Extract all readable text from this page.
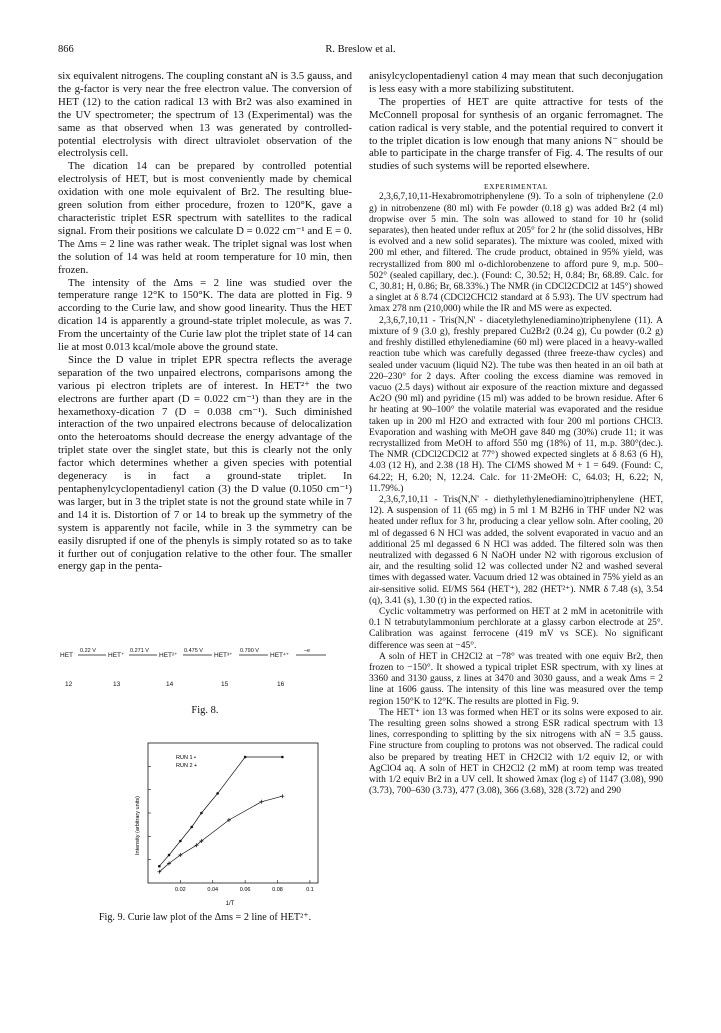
866	R. Breslow et al.

six equivalent nitrogens. The coupling constant aN is 3.5 gauss, and the g-factor is very near the free electron value. The conversion of HET (12) to the cation radical 13 with Br2 was also examined in the UV spectrometer; the spectrum of 13 (Experimental) was the same as that observed when 13 was generated by controlled-potential electrolysis with direct ultraviolet observation of the electrolysis cell.

The dication 14 can be prepared by controlled potential electrolysis of HET, but is most conveniently made by chemical oxidation with one mole equivalent of Br2. The resulting blue-green solution from either procedure, frozen to 120°K, gave a characteristic triplet ESR spectrum with satellites to the radical signal. From their positions we calculate D = 0.022 cm⁻¹ and E = 0. The Δms = 2 line was rather weak. The triplet signal was lost when the solution of 14 was held at room temperature for 10 min, then frozen.

The intensity of the Δms = 2 line was studied over the temperature range 12°K to 150°K. The data are plotted in Fig. 9 according to the Curie law, and show good linearity. Thus the HET dication 14 is apparently a ground-state triplet molecule, as was 7. From the uncertainty of the Curie law plot the triplet state of 14 can lie at most 0.013 kcal/mole above the ground state.

Since the D value in triplet EPR spectra reflects the average separation of the two unpaired electrons, comparisons among the various pi electron triplets are of interest. In HET²⁺ the two electrons are further apart (D = 0.022 cm⁻¹) than they are in the hexamethoxy-dication 7 (D = 0.038 cm⁻¹). Such diminished interaction of the two unpaired electrons because of delocalization onto the heteroatoms should decrease the energy advantage of the triplet state over the singlet state, but this is clearly not the only factor which determines whether a given species with potential degeneracy is in fact a ground-state triplet. In pentaphenylcyclopentadienyl cation (3) the D value (0.1050 cm⁻¹) was larger, but in 3 the triplet state is not the ground state while in 7 and 14 it is. Distortion of 7 or 14 to break up the symmetry of the system is apparently not facile, while in 3 the symmetry can be easily disrupted if one of the phenyls is simply rotated so as to take it further out of conjugation relative to the other four. The smaller energy gap in the penta-

HET
0.22 V
HET⁺
0.271 V
HET²⁺
0.475 V
HET³⁺
0.790 V
HET⁴⁺
–e
12	13	14	15	16
Fig. 8.
0.02	0.04	0.06	0.08	0.1
RUN 1 •
RUN 2 +
Intensity (arbitrary units)
1/T
Fig. 9. Curie law plot of the Δms = 2 line of HET²⁺.

anisylcyclopentadienyl cation 4 may mean that such deconjugation is less easy with a more stabilizing substitutent.

The properties of HET are quite attractive for tests of the McConnell proposal for synthesis of an organic ferromagnet. The cation radical is very stable, and the potential required to convert it to the triplet dication is low enough that many anions N⁻ should be able to participate in the charge transfer of Fig. 4. The results of our studies of such systems will be reported elsewhere.

EXPERIMENTAL

2,3,6,7,10,11-Hexabromotriphenylene (9). To a soln of triphenylene (2.0 g) in nitrobenzene (80 ml) with Fe powder (0.18 g) was added Br2 (4 ml) dropwise over 5 min. The soln was allowed to stand for 10 hr (solid separates), then heated under reflux at 205° for 2 hr (the solid dissolves, HBr is evolved and a new solid separates). The mixture was cooled, mixed with 200 ml ether, and filtered. The crude product, obtained in 95% yield, was recrystallized from 800 ml o-dichlorobenzene to afford pure 9, m.p. 500–502° (sealed capillary, dec.). (Found: C, 30.52; H, 0.84; Br, 68.89. Calc. for C, 30.81; H, 0.86; Br, 68.33%.) The NMR (in CDCl2CDCl2 at 145°) showed a singlet at δ 8.74 (CDCl2CHCl2 standard at δ 5.93). The UV spectrum had λmax 278 nm (210,000) while the IR and MS were as expected.

2,3,6,7,10,11 - Tris(N,N' - diacetylethylenediamino)triphenylene (11). A mixture of 9 (3.0 g), freshly prepared Cu2Br2 (0.24 g), Cu powder (0.2 g) and freshly distilled ethylenediamine (60 ml) were placed in a heavy-walled reaction tube which was carefully degassed (three freeze-thaw cycles) and sealed under vacuum (liquid N2). The tube was then heated in an oil bath at 220–230° for 2 days. After cooling the excess diamine was removed in vacuo (2.5 days) without air exposure of the reaction mixture and degassed Ac2O (90 ml) and pyridine (15 ml) was added to be brown residue. After 6 hr heating at 90–100° the volatile material was evaporated and the residue taken up in 200 ml H2O and extracted with four 200 ml portions CHCl3. Evaporation and washing with MeOH gave 840 mg (30%) crude 11; it was recrystallized from MeOH to afford 550 mg (18%) of 11, m.p. 380°(dec.). The NMR (CDCl2CDCl2 at 77°) showed expected singlets at δ 8.63 (6 H), 4.03 (12 H), and 2.38 (18 H). The CI/MS showed M + 1 = 649. (Found: C, 64.22; H, 6.20; N, 12.24. Calc. for 11·2MeOH: C, 64.03; H, 6.22; N, 11.79%.)

2,3,6,7,10,11 - Tris(N,N' - diethylethylenediamino)triphenylene (HET, 12). A suspension of 11 (65 mg) in 5 ml 1 M B2H6 in THF under N2 was heated under reflux for 3 hr, producing a clear yellow soln. After cooling, 20 ml of degassed 6 N HCl was added, the solvent evaporated in vacuo and an additional 25 ml degassed 6 N HCl was added. The filtered soln was then neutralized with degassed 6 N NaOH under N2 with rigorous exclusion of air, and the resulting solid 12 was collected under N2 and washed several times with degassed water. Vacuum dried 12 was obtained in 75% yield as an air-sensitive solid. EI/MS 564 (HET⁺), 282 (HET²⁺). NMR δ 7.48 (s), 3.54 (q), 3.41 (s), 1.30 (t) in the expected ratios.

Cyclic voltammetry was performed on HET at 2 mM in acetonitrile with 0.1 N tetrabutylammonium perchlorate at a glassy carbon electrode at 25°. Calibration was against ferrocene (419 mV vs SCE). No significant difference was seen at −45°.

A soln of HET in CH2Cl2 at −78° was treated with one equiv Br2, then frozen to −150°. It showed a typical triplet ESR spectrum, with xy lines at 3360 and 3130 gauss, z lines at 3470 and 3030 gauss, and a weak Δms = 2 line at 1606 gauss. The intensity of this line was measured over the temp region 150°K to 12°K. The results are plotted in Fig. 9.

The HET⁺ ion 13 was formed when HET or its solns were exposed to air. The resulting green solns showed a strong ESR radical spectrum with 13 lines, corresponding to splitting by the six nitrogens with aN = 3.5 gauss. Fine structure from coupling to protons was not observed. The radical could also be prepared by treating HET in CH2Cl2 with 1/2 equiv I2, or with AgClO4 aq. A soln of HET in CH2Cl2 (2 mM) at room temp was treated with 1/2 equiv Br2 in a UV cell. It showed λmax (log ε) of 1147 (3.08), 990 (3.73), 700–630 (3.73), 477 (3.08), 366 (3.68), 328 (3.72) and 290
